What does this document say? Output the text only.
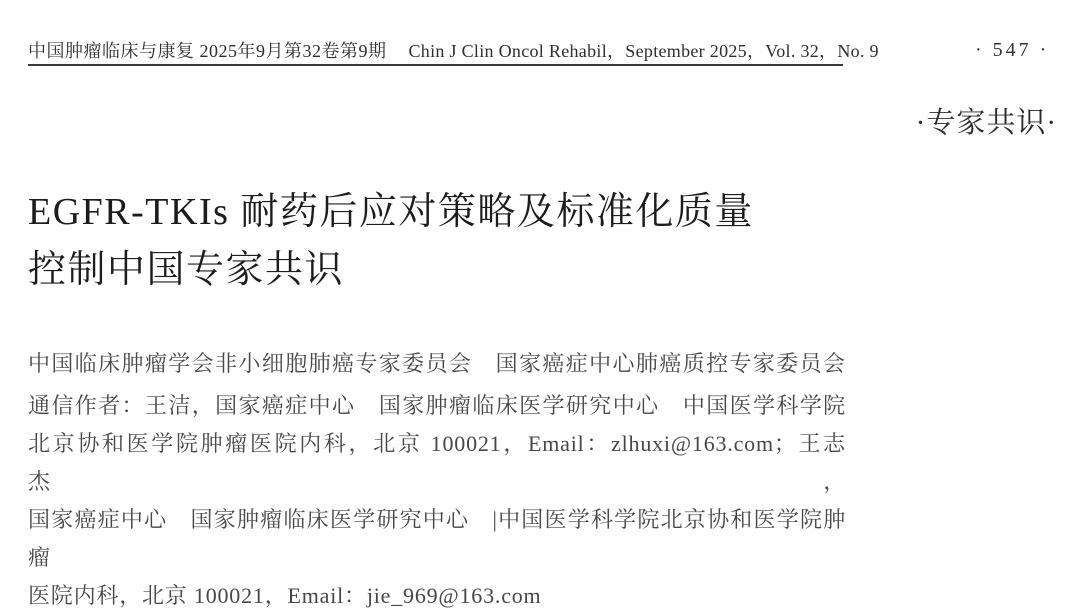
中国肿瘤临床与康复 2025年9月第32卷第9期 Chin J Clin Oncol Rehabil，September 2025，Vol. 32，No. 9	· 547 ·
·专家共识·
EGFR-TKIs 耐药后应对策略及标准化质量
控制中国专家共识
中国临床肿瘤学会非小细胞肺癌专家委员会　国家癌症中心肺癌质控专家委员会
通信作者：王洁，国家癌症中心　国家肿瘤临床医学研究中心　中国医学科学院
北京协和医学院肿瘤医院内科，北京 100021，Email：zlhuxi@163.com；王志杰，
国家癌症中心　国家肿瘤临床医学研究中心　|中国医学科学院北京协和医学院肿瘤
医院内科，北京 100021，Email：jie_969@163.com
